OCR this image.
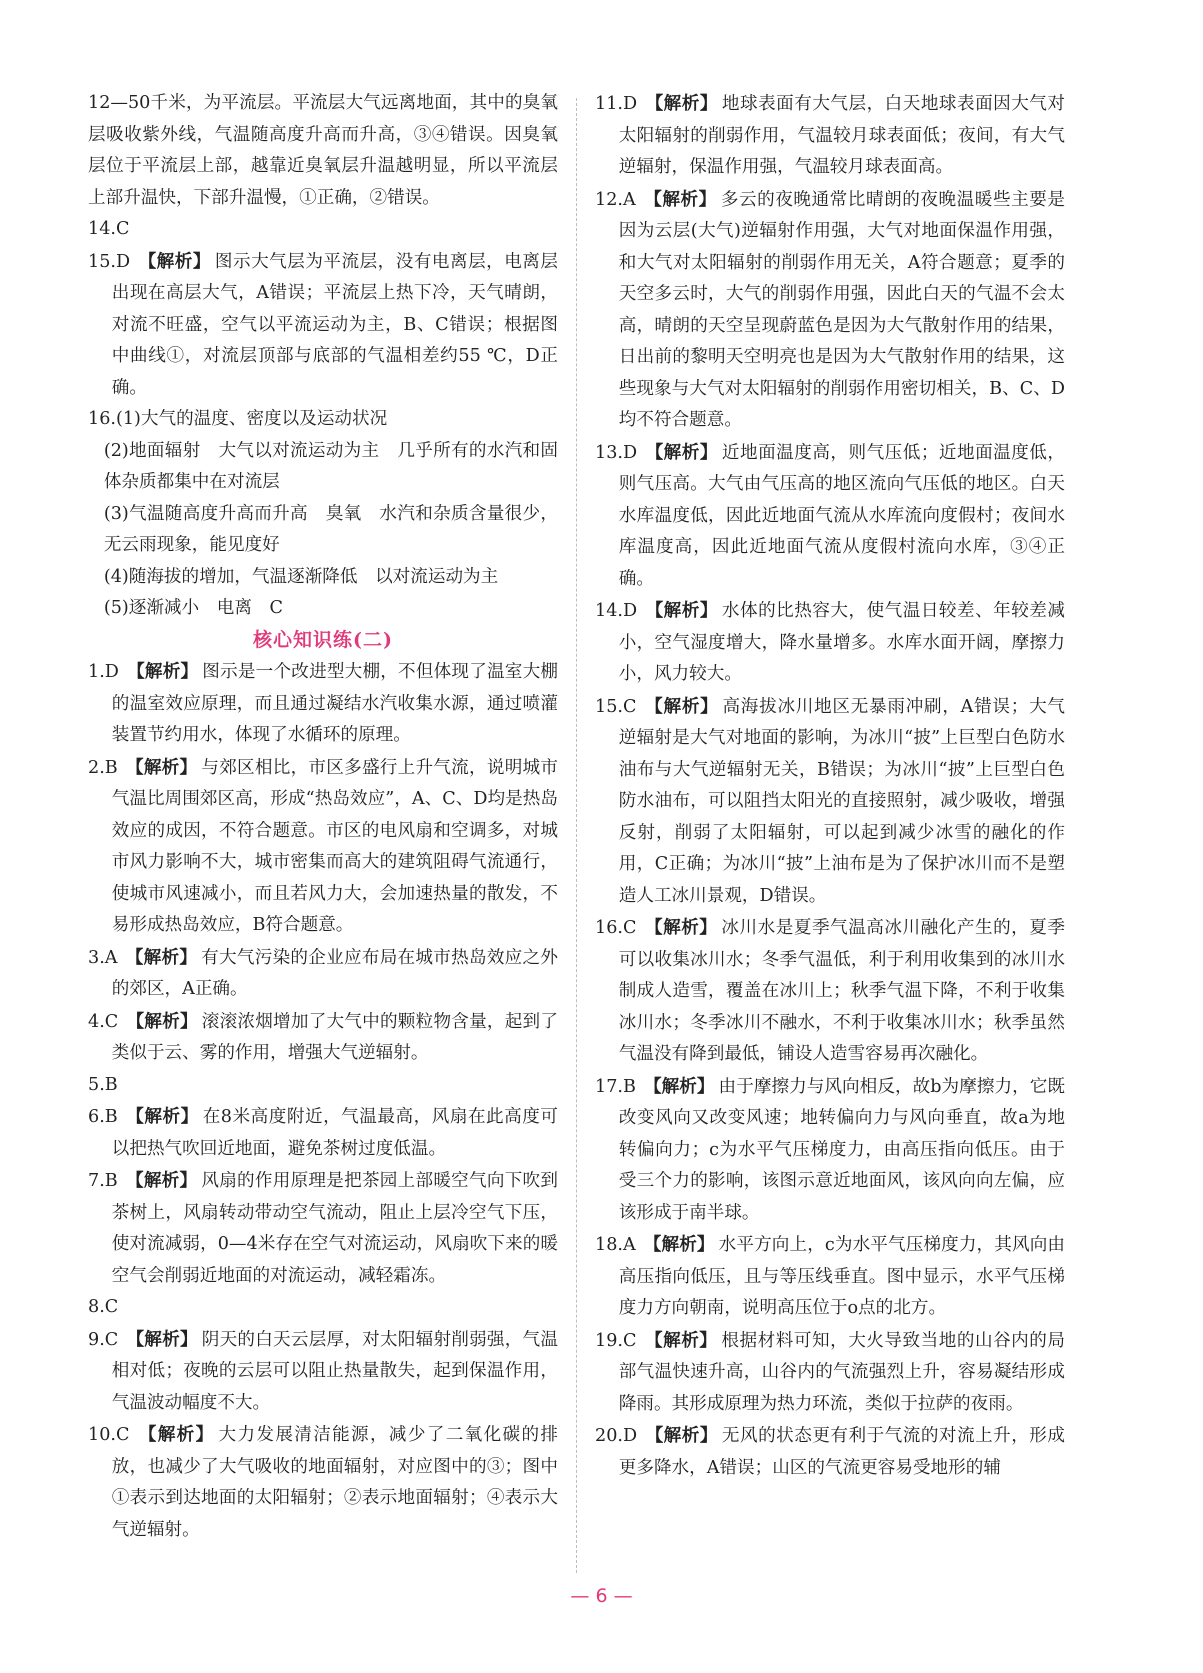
12—50千米，为平流层。平流层大气远离地面，其中的臭氧层吸收紫外线，气温随高度升高而升高，③④错误。因臭氧层位于平流层上部，越靠近臭氧层升温越明显，所以平流层上部升温快，下部升温慢，①正确，②错误。
14.C
15.D 【解析】 图示大气层为平流层，没有电离层，电离层出现在高层大气，A错误；平流层上热下冷，天气晴朗，对流不旺盛，空气以平流运动为主，B、C错误；根据图中曲线①，对流层顶部与底部的气温相差约55 ℃，D正确。
16.(1)大气的温度、密度以及运动状况
(2)地面辐射　大气以对流运动为主　几乎所有的水汽和固体杂质都集中在对流层
(3)气温随高度升高而升高　臭氧　水汽和杂质含量很少，无云雨现象，能见度好
(4)随海拔的增加，气温逐渐降低　以对流运动为主
(5)逐渐减小　电离　C
核心知识练(二)
1.D 【解析】 图示是一个改进型大棚，不但体现了温室大棚的温室效应原理，而且通过凝结水汽收集水源，通过喷灌装置节约用水，体现了水循环的原理。
2.B 【解析】 与郊区相比，市区多盛行上升气流，说明城市气温比周围郊区高，形成“热岛效应”，A、C、D均是热岛效应的成因，不符合题意。市区的电风扇和空调多，对城市风力影响不大，城市密集而高大的建筑阻碍气流通行，使城市风速减小，而且若风力大，会加速热量的散发，不易形成热岛效应，B符合题意。
3.A 【解析】 有大气污染的企业应布局在城市热岛效应之外的郊区，A正确。
4.C 【解析】 滚滚浓烟增加了大气中的颗粒物含量，起到了类似于云、雾的作用，增强大气逆辐射。
5.B
6.B 【解析】 在8米高度附近，气温最高，风扇在此高度可以把热气吹回近地面，避免茶树过度低温。
7.B 【解析】 风扇的作用原理是把茶园上部暖空气向下吹到茶树上，风扇转动带动空气流动，阻止上层冷空气下压，使对流减弱，0—4米存在空气对流运动，风扇吹下来的暖空气会削弱近地面的对流运动，减轻霜冻。
8.C
9.C 【解析】 阴天的白天云层厚，对太阳辐射削弱强，气温相对低；夜晚的云层可以阻止热量散失，起到保温作用，气温波动幅度不大。
10.C 【解析】 大力发展清洁能源，减少了二氧化碳的排放，也减少了大气吸收的地面辐射，对应图中的③；图中①表示到达地面的太阳辐射；②表示地面辐射；④表示大气逆辐射。
11.D 【解析】 地球表面有大气层，白天地球表面因大气对太阳辐射的削弱作用，气温较月球表面低；夜间，有大气逆辐射，保温作用强，气温较月球表面高。
12.A 【解析】 多云的夜晚通常比晴朗的夜晚温暖些主要是因为云层(大气)逆辐射作用强，大气对地面保温作用强，和大气对太阳辐射的削弱作用无关，A符合题意；夏季的天空多云时，大气的削弱作用强，因此白天的气温不会太高，晴朗的天空呈现蔚蓝色是因为大气散射作用的结果，日出前的黎明天空明亮也是因为大气散射作用的结果，这些现象与大气对太阳辐射的削弱作用密切相关，B、C、D均不符合题意。
13.D 【解析】 近地面温度高，则气压低；近地面温度低，则气压高。大气由气压高的地区流向气压低的地区。白天水库温度低，因此近地面气流从水库流向度假村；夜间水库温度高，因此近地面气流从度假村流向水库，③④正确。
14.D 【解析】 水体的比热容大，使气温日较差、年较差减小，空气湿度增大，降水量增多。水库水面开阔，摩擦力小，风力较大。
15.C 【解析】 高海拔冰川地区无暴雨冲刷，A错误；大气逆辐射是大气对地面的影响，为冰川“披”上巨型白色防水油布与大气逆辐射无关，B错误；为冰川“披”上巨型白色防水油布，可以阻挡太阳光的直接照射，减少吸收，增强反射，削弱了太阳辐射，可以起到减少冰雪的融化的作用，C正确；为冰川“披”上油布是为了保护冰川而不是塑造人工冰川景观，D错误。
16.C 【解析】 冰川水是夏季气温高冰川融化产生的，夏季可以收集冰川水；冬季气温低，利于利用收集到的冰川水制成人造雪，覆盖在冰川上；秋季气温下降，不利于收集冰川水；冬季冰川不融水，不利于收集冰川水；秋季虽然气温没有降到最低，铺设人造雪容易再次融化。
17.B 【解析】 由于摩擦力与风向相反，故b为摩擦力，它既改变风向又改变风速；地转偏向力与风向垂直，故a为地转偏向力；c为水平气压梯度力，由高压指向低压。由于受三个力的影响，该图示意近地面风，该风向向左偏，应该形成于南半球。
18.A 【解析】 水平方向上，c为水平气压梯度力，其风向由高压指向低压，且与等压线垂直。图中显示，水平气压梯度力方向朝南，说明高压位于o点的北方。
19.C 【解析】 根据材料可知，大火导致当地的山谷内的局部气温快速升高，山谷内的气流强烈上升，容易凝结形成降雨。其形成原理为热力环流，类似于拉萨的夜雨。
20.D 【解析】 无风的状态更有利于气流的对流上升，形成更多降水，A错误；山区的气流更容易受地形的辅
— 6 —
